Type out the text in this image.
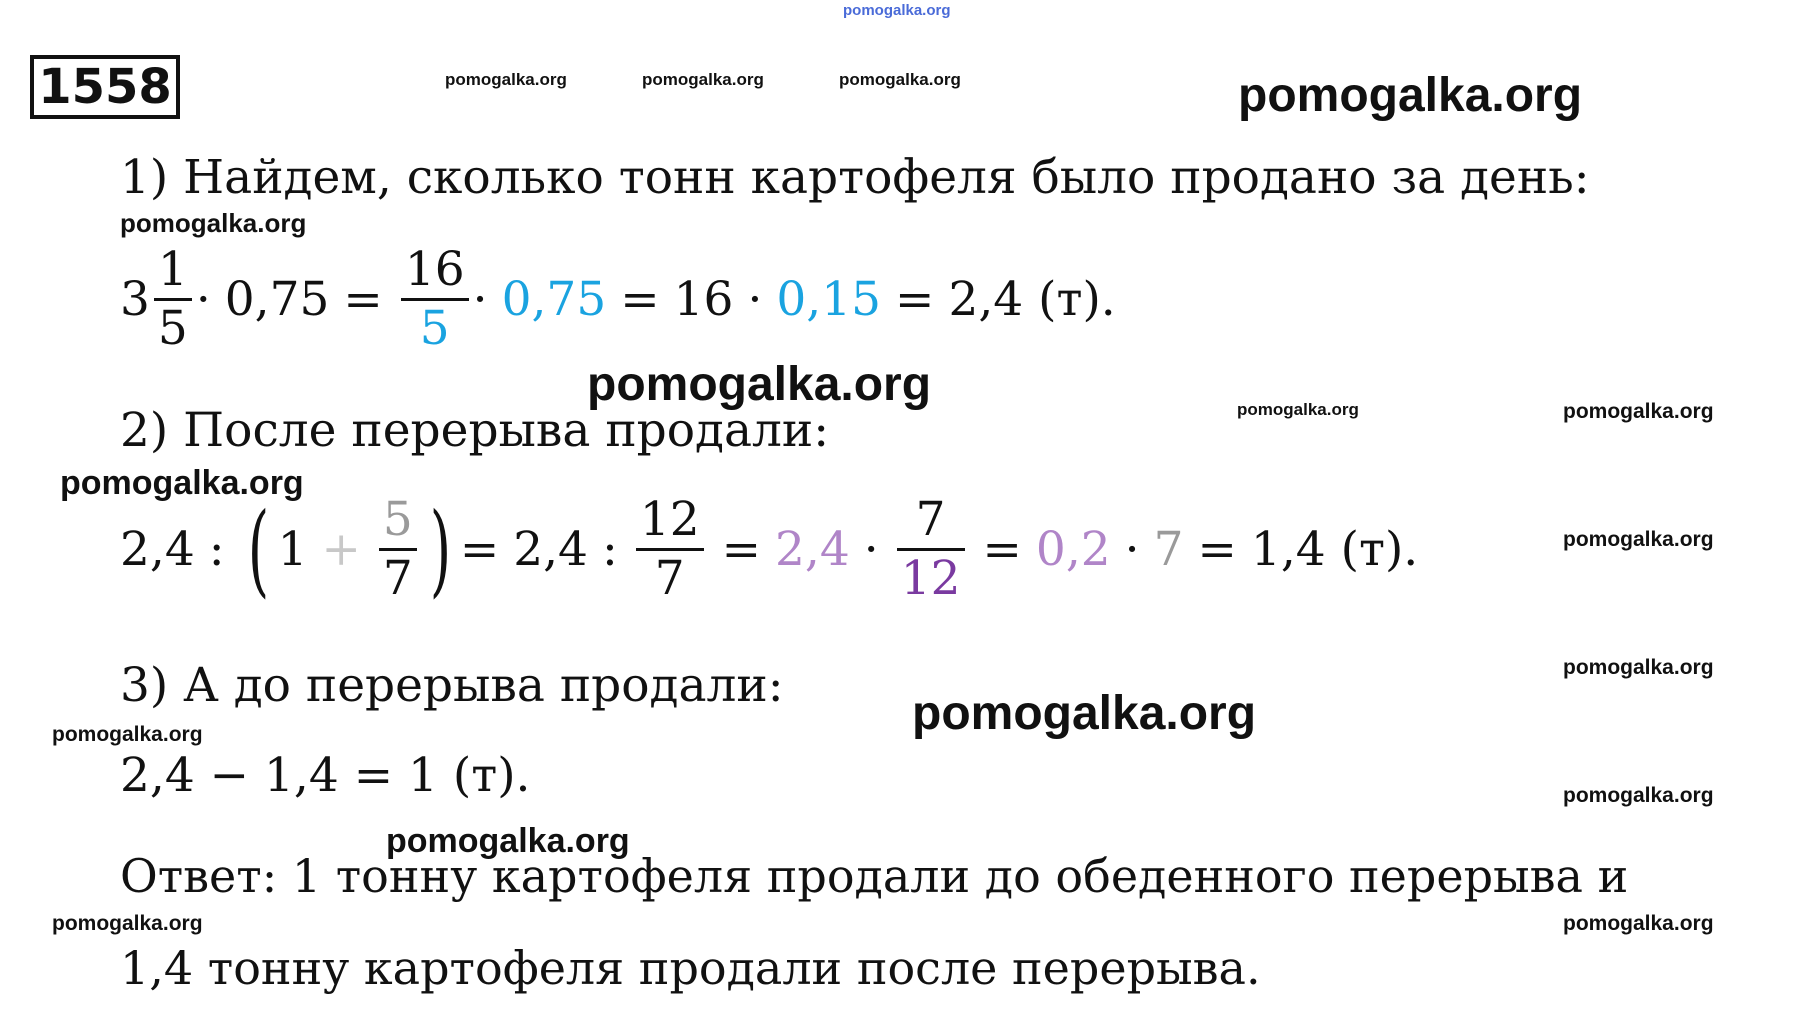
pomogalka.org
pomogalka.org	pomogalka.org	pomogalka.org	pomogalka.org
pomogalka.org
pomogalka.org	pomogalka.org	pomogalka.org
pomogalka.org
pomogalka.org
pomogalka.org
pomogalka.org
pomogalka.org
pomogalka.org
pomogalka.org
pomogalka.org	pomogalka.org
1558
1) Найдем, сколько тонн картофеля было продано за день:
$3 \frac{1}{5} \cdot 0,75 = \frac{16}{5} \cdot 0,75 = 16 \cdot 0,15 = 2,4$ (т).
2) После перерыва продали:
2,4 : ( $1 + \frac{5}{7}$ ) = 2,4 : $\frac{12}{7} = 2,4 \cdot \frac{7}{12} = 0,2 \cdot 7 = 1,4$ (т).
3) А до перерыва продали:
2,4 − 1,4 = 1 (т).
Ответ: 1 тонну картофеля продали до обеденного перерыва и
1,4 тонну картофеля продали после перерыва.
